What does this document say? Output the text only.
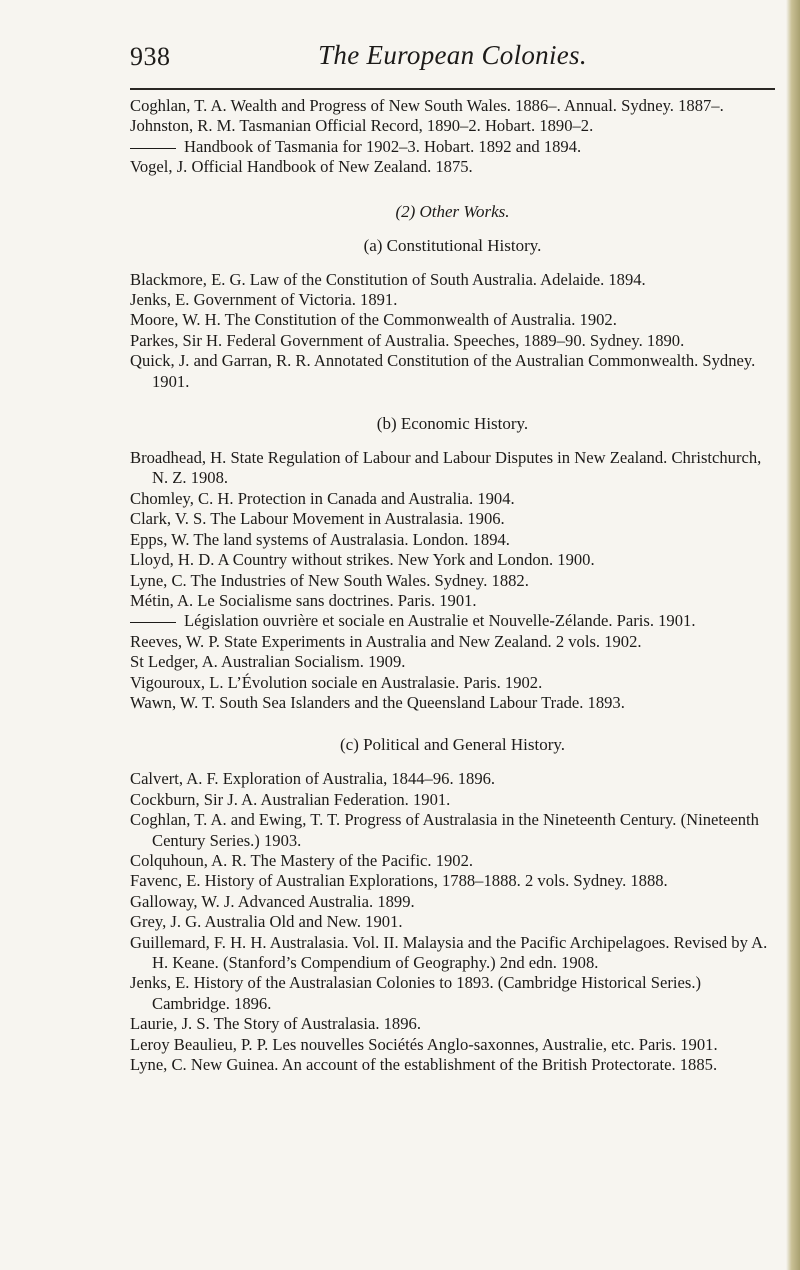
938	The European Colonies.

Coghlan, T. A. Wealth and Progress of New South Wales. 1886–. Annual. Sydney. 1887–.

Johnston, R. M. Tasmanian Official Record, 1890–2. Hobart. 1890–2.

Handbook of Tasmania for 1902–3. Hobart. 1892 and 1894.

Vogel, J. Official Handbook of New Zealand. 1875.

(2) Other Works.
(a) Constitutional History.

Blackmore, E. G. Law of the Constitution of South Australia. Adelaide. 1894.

Jenks, E. Government of Victoria. 1891.

Moore, W. H. The Constitution of the Commonwealth of Australia. 1902.

Parkes, Sir H. Federal Government of Australia. Speeches, 1889–90. Sydney. 1890.

Quick, J. and Garran, R. R. Annotated Constitution of the Australian Commonwealth. Sydney. 1901.

(b) Economic History.

Broadhead, H. State Regulation of Labour and Labour Disputes in New Zealand. Christchurch, N. Z. 1908.

Chomley, C. H. Protection in Canada and Australia. 1904.

Clark, V. S. The Labour Movement in Australasia. 1906.

Epps, W. The land systems of Australasia. London. 1894.

Lloyd, H. D. A Country without strikes. New York and London. 1900.

Lyne, C. The Industries of New South Wales. Sydney. 1882.

Métin, A. Le Socialisme sans doctrines. Paris. 1901.

Législation ouvrière et sociale en Australie et Nouvelle-Zélande. Paris. 1901.

Reeves, W. P. State Experiments in Australia and New Zealand. 2 vols. 1902.

St Ledger, A. Australian Socialism. 1909.

Vigouroux, L. L’Évolution sociale en Australasie. Paris. 1902.

Wawn, W. T. South Sea Islanders and the Queensland Labour Trade. 1893.

(c) Political and General History.

Calvert, A. F. Exploration of Australia, 1844–96. 1896.

Cockburn, Sir J. A. Australian Federation. 1901.

Coghlan, T. A. and Ewing, T. T. Progress of Australasia in the Nineteenth Century. (Nineteenth Century Series.) 1903.

Colquhoun, A. R. The Mastery of the Pacific. 1902.

Favenc, E. History of Australian Explorations, 1788–1888. 2 vols. Sydney. 1888.

Galloway, W. J. Advanced Australia. 1899.

Grey, J. G. Australia Old and New. 1901.

Guillemard, F. H. H. Australasia. Vol. II. Malaysia and the Pacific Archipelagoes. Revised by A. H. Keane. (Stanford’s Compendium of Geography.) 2nd edn. 1908.

Jenks, E. History of the Australasian Colonies to 1893. (Cambridge Historical Series.) Cambridge. 1896.

Laurie, J. S. The Story of Australasia. 1896.

Leroy Beaulieu, P. P. Les nouvelles Sociétés Anglo-saxonnes, Australie, etc. Paris. 1901.

Lyne, C. New Guinea. An account of the establishment of the British Protectorate. 1885.
